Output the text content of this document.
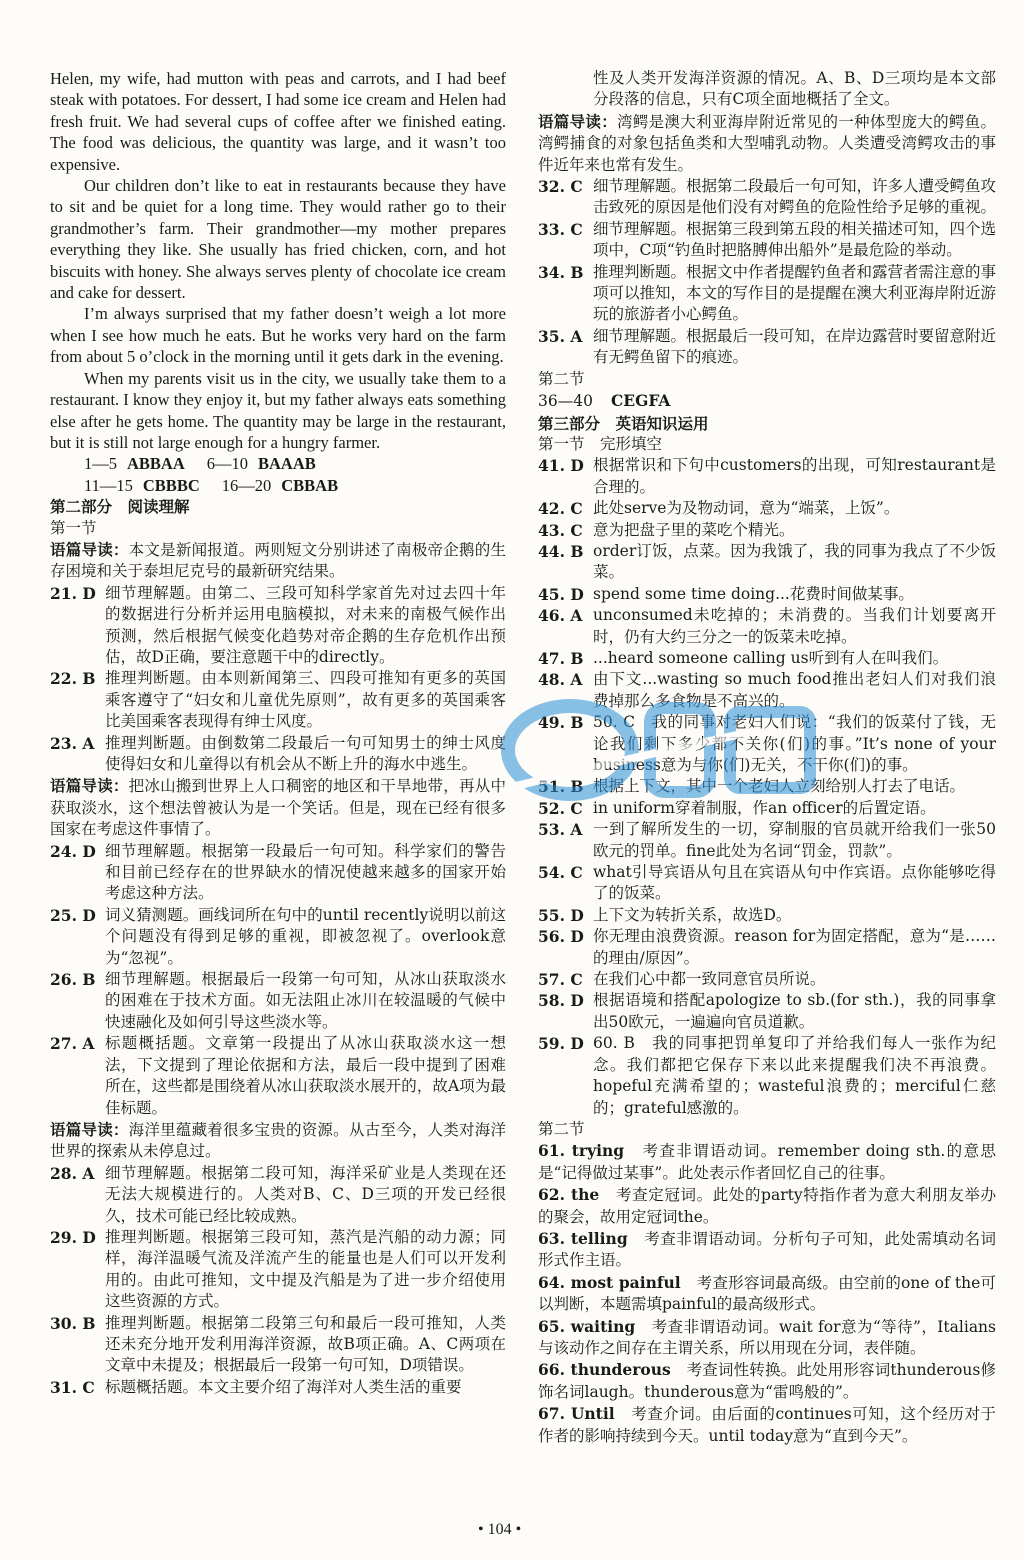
Helen, my wife, had mutton with peas and carrots, and I had beef steak with potatoes. For dessert, I had some ice cream and Helen had fresh fruit. We had several cups of coffee after we finished eating. The food was delicious, the quantity was large, and it wasn’t too expensive.

Our children don’t like to eat in restaurants because they have to sit and be quiet for a long time. They would rather go to their grandmother’s farm. Their grandmother—my mother prepares everything they like. She usually has fried chicken, corn, and hot biscuits with honey. She always serves plenty of chocolate ice cream and cake for dessert.

I’m always surprised that my father doesn’t weigh a lot more when I see how much he eats. But he works very hard on the farm from about 5 o’clock in the morning until it gets dark in the evening.

When my parents visit us in the city, we usually take them to a restaurant. I know they enjoy it, but my father always eats something else after he gets home. The quantity may be large in the restaurant, but it is still not large enough for a hungry farmer.

1—5 ABBAA 6—10 BAAAB
11—15 CBBBC 16—20 CBBAB
第二部分　阅读理解
第一节
语篇导读：本文是新闻报道。两则短文分别讲述了南极帝企鹅的生存困境和关于泰坦尼克号的最新研究结果。
21. D 细节理解题。由第二、三段可知科学家首先对过去四十年的数据进行分析并运用电脑模拟，对未来的南极气候作出预测，然后根据气候变化趋势对帝企鹅的生存危机作出预估，故D正确，要注意题干中的directly。
22. B 推理判断题。由本则新闻第三、四段可推知有更多的英国乘客遵守了“妇女和儿童优先原则”，故有更多的英国乘客比美国乘客表现得有绅士风度。
23. A 推理判断题。由倒数第二段最后一句可知男士的绅士风度使得妇女和儿童得以有机会从不断上升的海水中逃生。
语篇导读：把冰山搬到世界上人口稠密的地区和干旱地带，再从中获取淡水，这个想法曾被认为是一个笑话。但是，现在已经有很多国家在考虑这件事情了。
24. D 细节理解题。根据第一段最后一句可知。科学家们的警告和目前已经存在的世界缺水的情况使越来越多的国家开始考虑这种方法。
25. D 词义猜测题。画线词所在句中的until recently说明以前这个问题没有得到足够的重视，即被忽视了。overlook意为“忽视”。
26. B 细节理解题。根据最后一段第一句可知，从冰山获取淡水的困难在于技术方面。如无法阻止冰川在较温暖的气候中快速融化及如何引导这些淡水等。
27. A 标题概括题。文章第一段提出了从冰山获取淡水这一想法，下文提到了理论依据和方法，最后一段中提到了困难所在，这些都是围绕着从冰山获取淡水展开的，故A项为最佳标题。
语篇导读：海洋里蕴藏着很多宝贵的资源。从古至今，人类对海洋世界的探索从未停息过。
28. A 细节理解题。根据第二段可知，海洋采矿业是人类现在还无法大规模进行的。人类对B、C、D三项的开发已经很久，技术可能已经比较成熟。
29. D 推理判断题。根据第三段可知，蒸汽是汽船的动力源；同样，海洋温暖气流及洋流产生的能量也是人们可以开发利用的。由此可推知，文中提及汽船是为了进一步介绍使用这些资源的方式。
30. B 推理判断题。根据第二段第三句和最后一段可推知，人类还未充分地开发利用海洋资源，故B项正确。A、C两项在文章中未提及；根据最后一段第一句可知，D项错误。
31. C 标题概括题。本文主要介绍了海洋对人类生活的重要
性及人类开发海洋资源的情况。A、B、D三项均是本文部分段落的信息，只有C项全面地概括了全文。
语篇导读：湾鳄是澳大利亚海岸附近常见的一种体型庞大的鳄鱼。湾鳄捕食的对象包括鱼类和大型哺乳动物。人类遭受湾鳄攻击的事件近年来也常有发生。
32. C 细节理解题。根据第二段最后一句可知，许多人遭受鳄鱼攻击致死的原因是他们没有对鳄鱼的危险性给予足够的重视。
33. C 细节理解题。根据第三段到第五段的相关描述可知，四个选项中，C项“钓鱼时把胳膊伸出船外”是最危险的举动。
34. B 推理判断题。根据文中作者提醒钓鱼者和露营者需注意的事项可以推知，本文的写作目的是提醒在澳大利亚海岸附近游玩的旅游者小心鳄鱼。
35. A 细节理解题。根据最后一段可知，在岸边露营时要留意附近有无鳄鱼留下的痕迹。
第二节
36—40 CEGFA
第三部分　英语知识运用
第一节　完形填空
41. D 根据常识和下句中customers的出现，可知restaurant是合理的。
42. C 此处serve为及物动词，意为“端菜，上饭”。
43. C 意为把盘子里的菜吃个精光。
44. B order订饭，点菜。因为我饿了，我的同事为我点了不少饭菜。
45. D spend some time doing...花费时间做某事。
46. A unconsumed未吃掉的；未消费的。当我们计划要离开时，仍有大约三分之一的饭菜未吃掉。
47. B ...heard someone calling us听到有人在叫我们。
48. A 由下文...wasting so much food推出老妇人们对我们浪费掉那么多食物是不高兴的。
49. B 50. C　我的同事对老妇人们说：“我们的饭菜付了钱，无论我们剩下多少都不关你(们)的事。”It’s none of your business意为与你(们)无关，不干你(们)的事。
51. B 根据上下文，其中一个老妇人立刻给别人打去了电话。
52. C in uniform穿着制服，作an officer的后置定语。
53. A 一到了解所发生的一切，穿制服的官员就开给我们一张50欧元的罚单。fine此处为名词“罚金，罚款”。
54. C what引导宾语从句且在宾语从句中作宾语。点你能够吃得了的饭菜。
55. D 上下文为转折关系，故选D。
56. D 你无理由浪费资源。reason for为固定搭配，意为“是……的理由/原因”。
57. C 在我们心中都一致同意官员所说。
58. D 根据语境和搭配apologize to sb.(for sth.)，我的同事拿出50欧元，一遍遍向官员道歉。
59. D 60. B　我的同事把罚单复印了并给我们每人一张作为纪念。我们都把它保存下来以此来提醒我们决不再浪费。hopeful充满希望的；wasteful浪费的；merciful仁慈的；grateful感激的。
第二节
61. trying　 考查非谓语动词。remember doing sth.的意思是“记得做过某事”。此处表示作者回忆自己的往事。
62. the　 考查定冠词。此处的party特指作者为意大利朋友举办的聚会，故用定冠词the。
63. telling　 考查非谓语动词。分析句子可知，此处需填动名词形式作主语。
64. most painful　 考查形容词最高级。由空前的one of the可以判断，本题需填painful的最高级形式。
65. waiting　 考查非谓语动词。wait for意为“等待”，Italians与该动作之间存在主谓关系，所以用现在分词，表伴随。
66. thunderous　 考查词性转换。此处用形容词thunderous修饰名词laugh。thunderous意为“雷鸣般的”。
67. Until　 考查介词。由后面的continues可知，这个经历对于作者的影响持续到今天。until today意为“直到今天”。
• 104 •
